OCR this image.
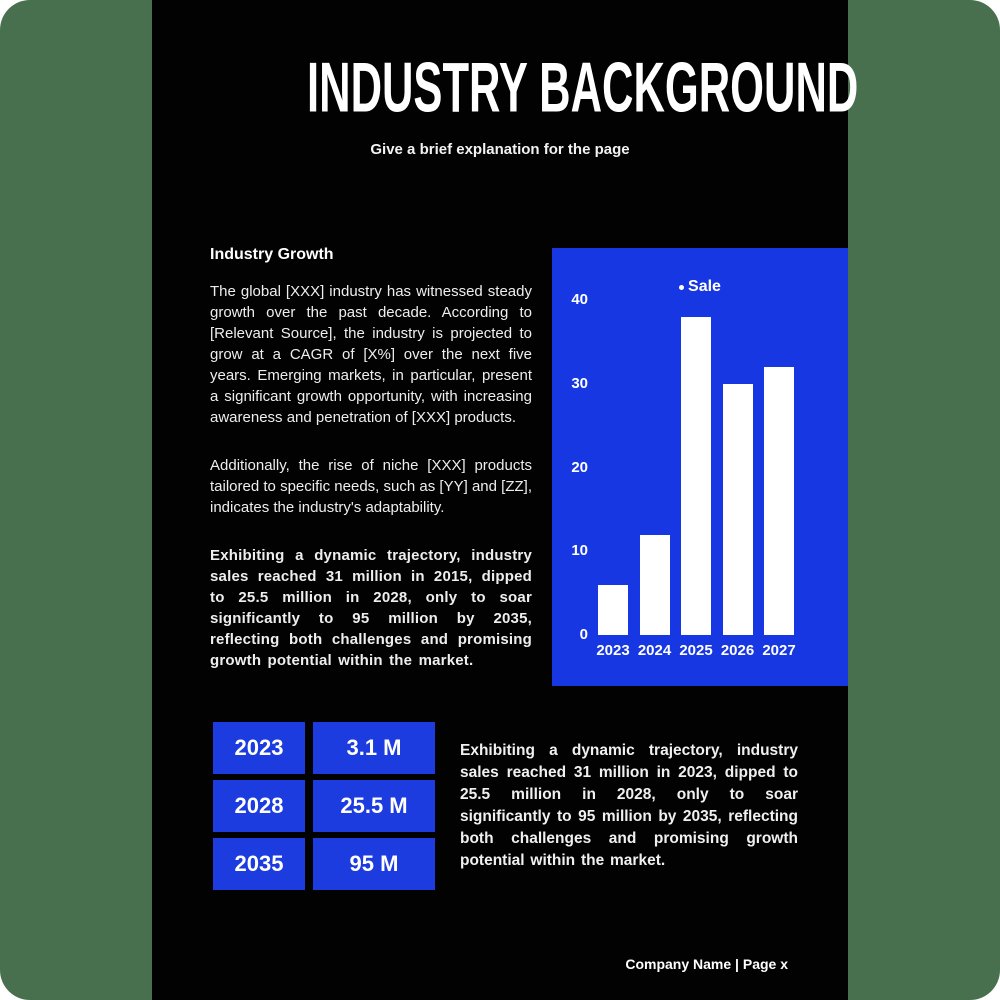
INDUSTRY BACKGROUND

Give a brief explanation for the page

Industry Growth

The global [XXX] industry has witnessed steady growth over the past decade. According to [Relevant Source], the industry is projected to grow at a CAGR of [X%] over the next five years. Emerging markets, in particular, present a significant growth opportunity, with increasing awareness and penetration of [XXX] products.

Additionally, the rise of niche [XXX] products tailored to specific needs, such as [YY] and [ZZ], indicates the industry's adaptability.

Exhibiting a dynamic trajectory, industry sales reached 31 million in 2015, dipped to 25.5 million in 2028, only to soar significantly to 95 million by 2035, reflecting both challenges and promising growth potential within the market.

Sale
0
10
20
30
40
2023 2024 2025 2026 2027
2023	3.1 M
2028	25.5 M
2035	95 M

Exhibiting a dynamic trajectory, industry sales reached 31 million in 2023, dipped to 25.5 million in 2028, only to soar significantly to 95 million by 2035, reflecting both challenges and promising growth potential within the market.

Company Name | Page x
